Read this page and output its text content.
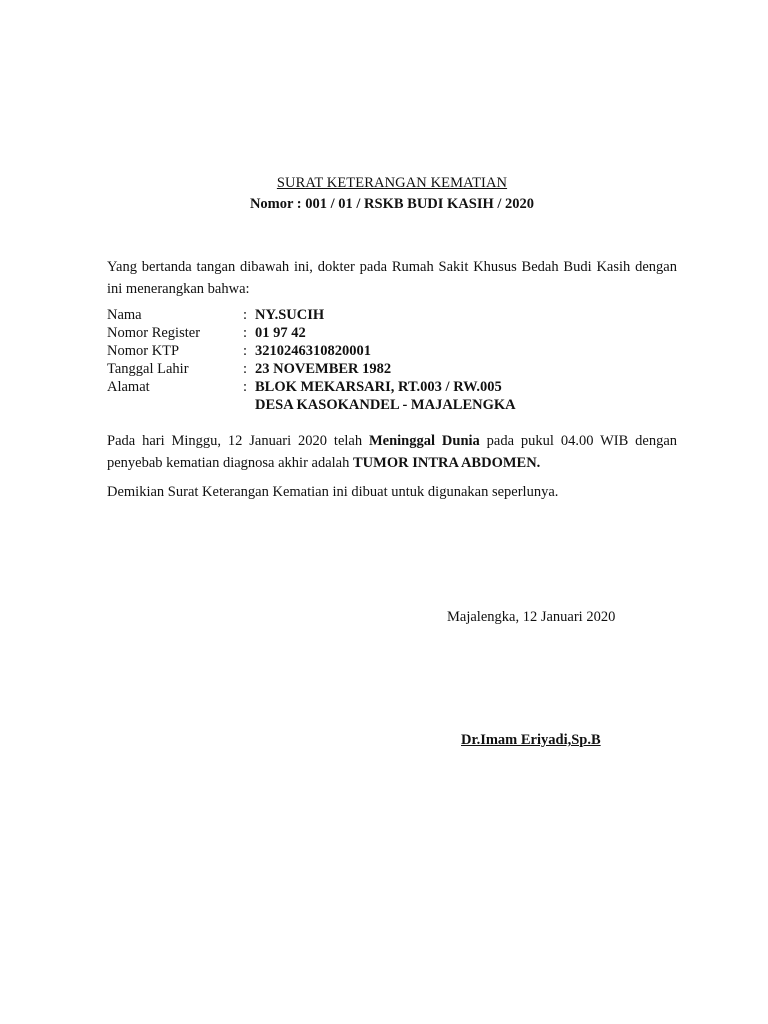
SURAT KETERANGAN KEMATIAN
Nomor : 001 / 01 / RSKB BUDI KASIH / 2020
Yang bertanda tangan dibawah ini, dokter pada Rumah Sakit Khusus Bedah Budi Kasih dengan ini menerangkan bahwa:
Nama	: NY.SUCIH
Nomor Register	: 01 97 42
Nomor KTP	: 3210246310820001
Tanggal Lahir	: 23 NOVEMBER 1982
Alamat	: BLOK MEKARSARI, RT.003 / RW.005
DESA KASOKANDEL - MAJALENGKA
Pada hari Minggu, 12 Januari 2020 telah Meninggal Dunia pada pukul 04.00 WIB dengan penyebab kematian diagnosa akhir adalah TUMOR INTRA ABDOMEN.
Demikian Surat Keterangan Kematian ini dibuat untuk digunakan seperlunya.
Majalengka, 12 Januari 2020
Dr.Imam Eriyadi,Sp.B
